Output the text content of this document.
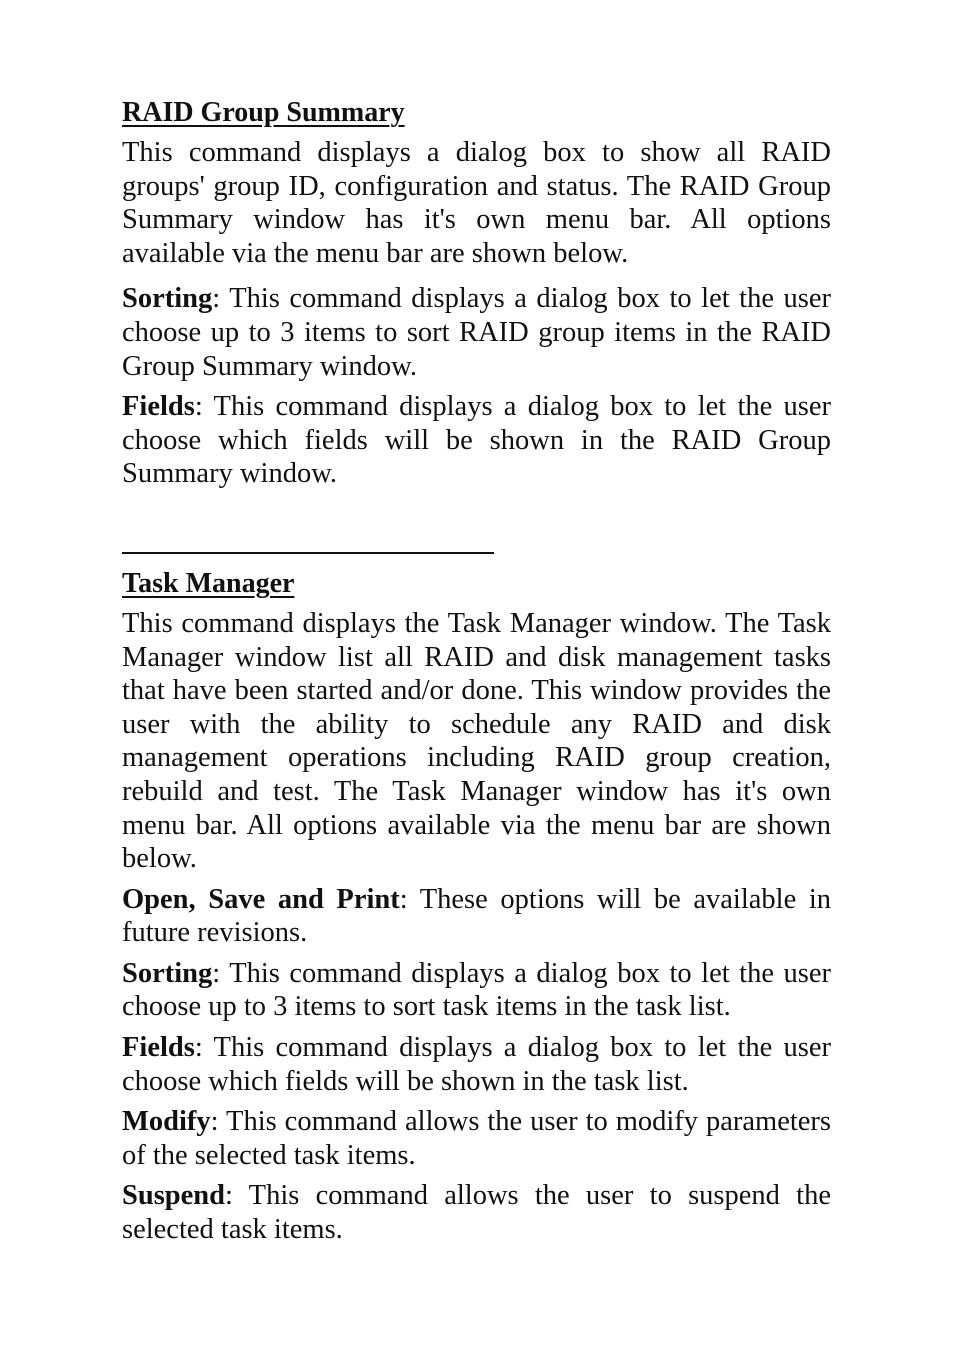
RAID Group Summary

This command displays a dialog box to show all RAID groups' group ID, configuration and status. The RAID Group Summary window has it's own menu bar. All options available via the menu bar are shown below.

Sorting: This command displays a dialog box to let the user choose up to 3 items to sort RAID group items in the RAID Group Summary window.

Fields: This command displays a dialog box to let the user choose which fields will be shown in the RAID Group Summary window.

Task Manager

This command displays the Task Manager window. The Task Manager window list all RAID and disk management tasks that have been started and/or done. This window provides the user with the ability to schedule any RAID and disk management operations including RAID group creation, rebuild and test. The Task Manager window has it's own menu bar. All options available via the menu bar are shown below.

Open, Save and Print: These options will be available in future revisions.

Sorting: This command displays a dialog box to let the user choose up to 3 items to sort task items in the task list.

Fields: This command displays a dialog box to let the user choose which fields will be shown in the task list.

Modify: This command allows the user to modify parameters of the selected task items.

Suspend: This command allows the user to suspend the selected task items.
